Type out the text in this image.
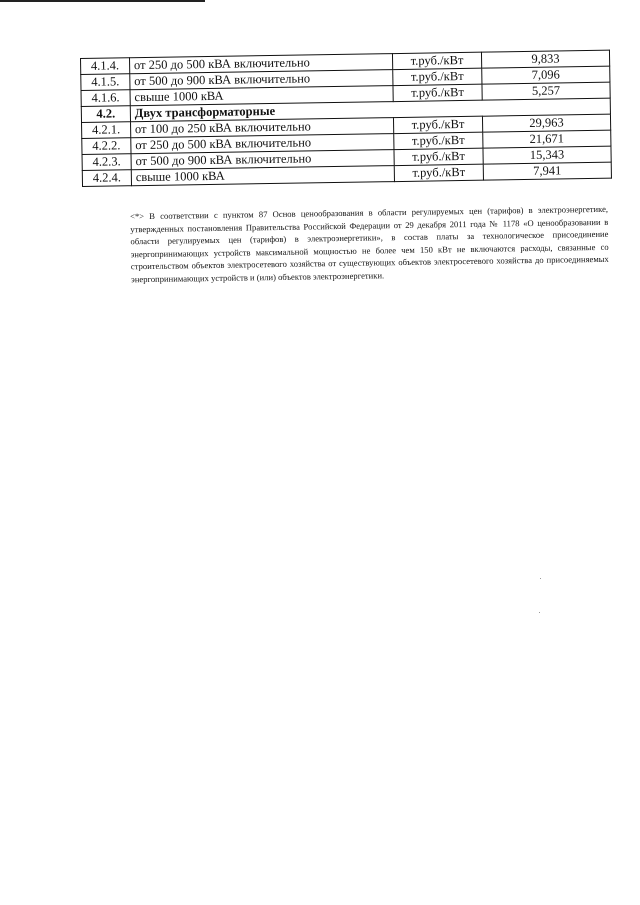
4.1.4.	от 250 до 500 кВА включительно	т.руб./кВт	9,833
4.1.5.	от 500 до 900 кВА включительно	т.руб./кВт	7,096
4.1.6.	свыше 1000 кВА	т.руб./кВт	5,257
4.2.	Двух трансформаторные		
4.2.1.	от 100 до 250 кВА включительно	т.руб./кВт	29,963
4.2.2.	от 250 до 500 кВА включительно	т.руб./кВт	21,671
4.2.3.	от 500 до 900 кВА включительно	т.руб./кВт	15,343
4.2.4.	свыше 1000 кВА	т.руб./кВт	7,941
<*> В соответствии с пунктом 87 Основ ценообразования в области регулируемых цен (тарифов) в электроэнергетике, утвержденных постановления Правительства Российской Федерации от 29 декабря 2011 года № 1178 «О ценообразовании в области регулируемых цен (тарифов) в электроэнергетики», в состав платы за технологическое присоединение энергопринимающих устройств максимальной мощностью не более чем 150 кВт не включаются расходы, связанные со строительством объектов электросетевого хозяйства от существующих объектов электросетевого хозяйства до присоединяемых энергопринимающих устройств и (или) объектов электроэнергетики.
